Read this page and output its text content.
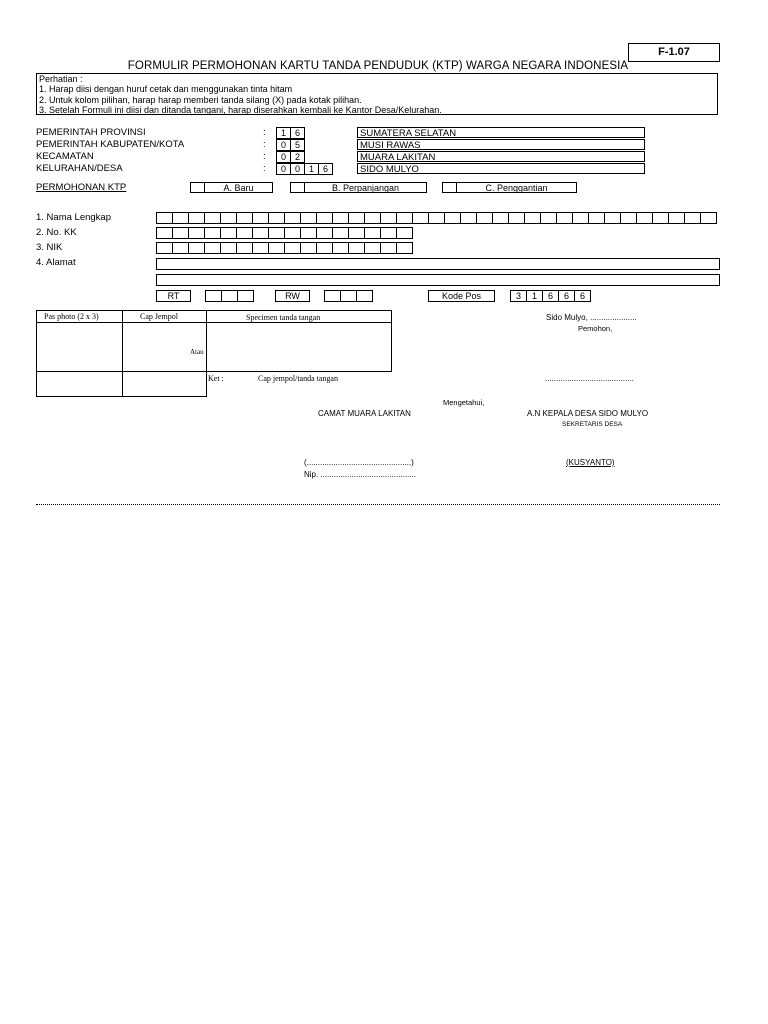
F-1.07
FORMULIR PERMOHONAN KARTU TANDA PENDUDUK (KTP) WARGA NEGARA INDONESIA
Perhatian :
1. Harap diisi dengan huruf cetak dan menggunakan tinta hitam
2. Untuk kolom pilihan, harap harap memberi tanda silang (X) pada kotak pilihan.
3. Setelah Formuli ini diisi dan ditanda tangani, harap diserahkan kembali ke Kantor Desa/Kelurahan.
PEMERINTAH PROVINSI	:	1 6	SUMATERA SELATAN
PEMERINTAH KABUPATEN/KOTA	:	0 5	MUSI RAWAS
KECAMATAN	:	0 2	MUARA LAKITAN
KELURAHAN/DESA	:	0 0 1 6	SIDO MULYO
PERMOHONAN KTP	A. Baru	B. Perpanjangan	C. Penggantian
1. Nama Lengkap
2. No. KK
3. NIK
4. Alamat
RT	RW	Kode Pos	3	1	6	6	6
Pas photo (2 x 3)	Cap Jempol	Specimen tanda tangan
Atau
Ket :	Cap jempol/tanda tangan
Sido Mulyo, .....................
Pemohon,
........................................
Mengetahui,
CAMAT MUARA LAKITAN	A.N KEPALA DESA SIDO MULYO
SEKRETARIS DESA
(...............................................)	(KUSYANTO)
Nip. ...........................................
